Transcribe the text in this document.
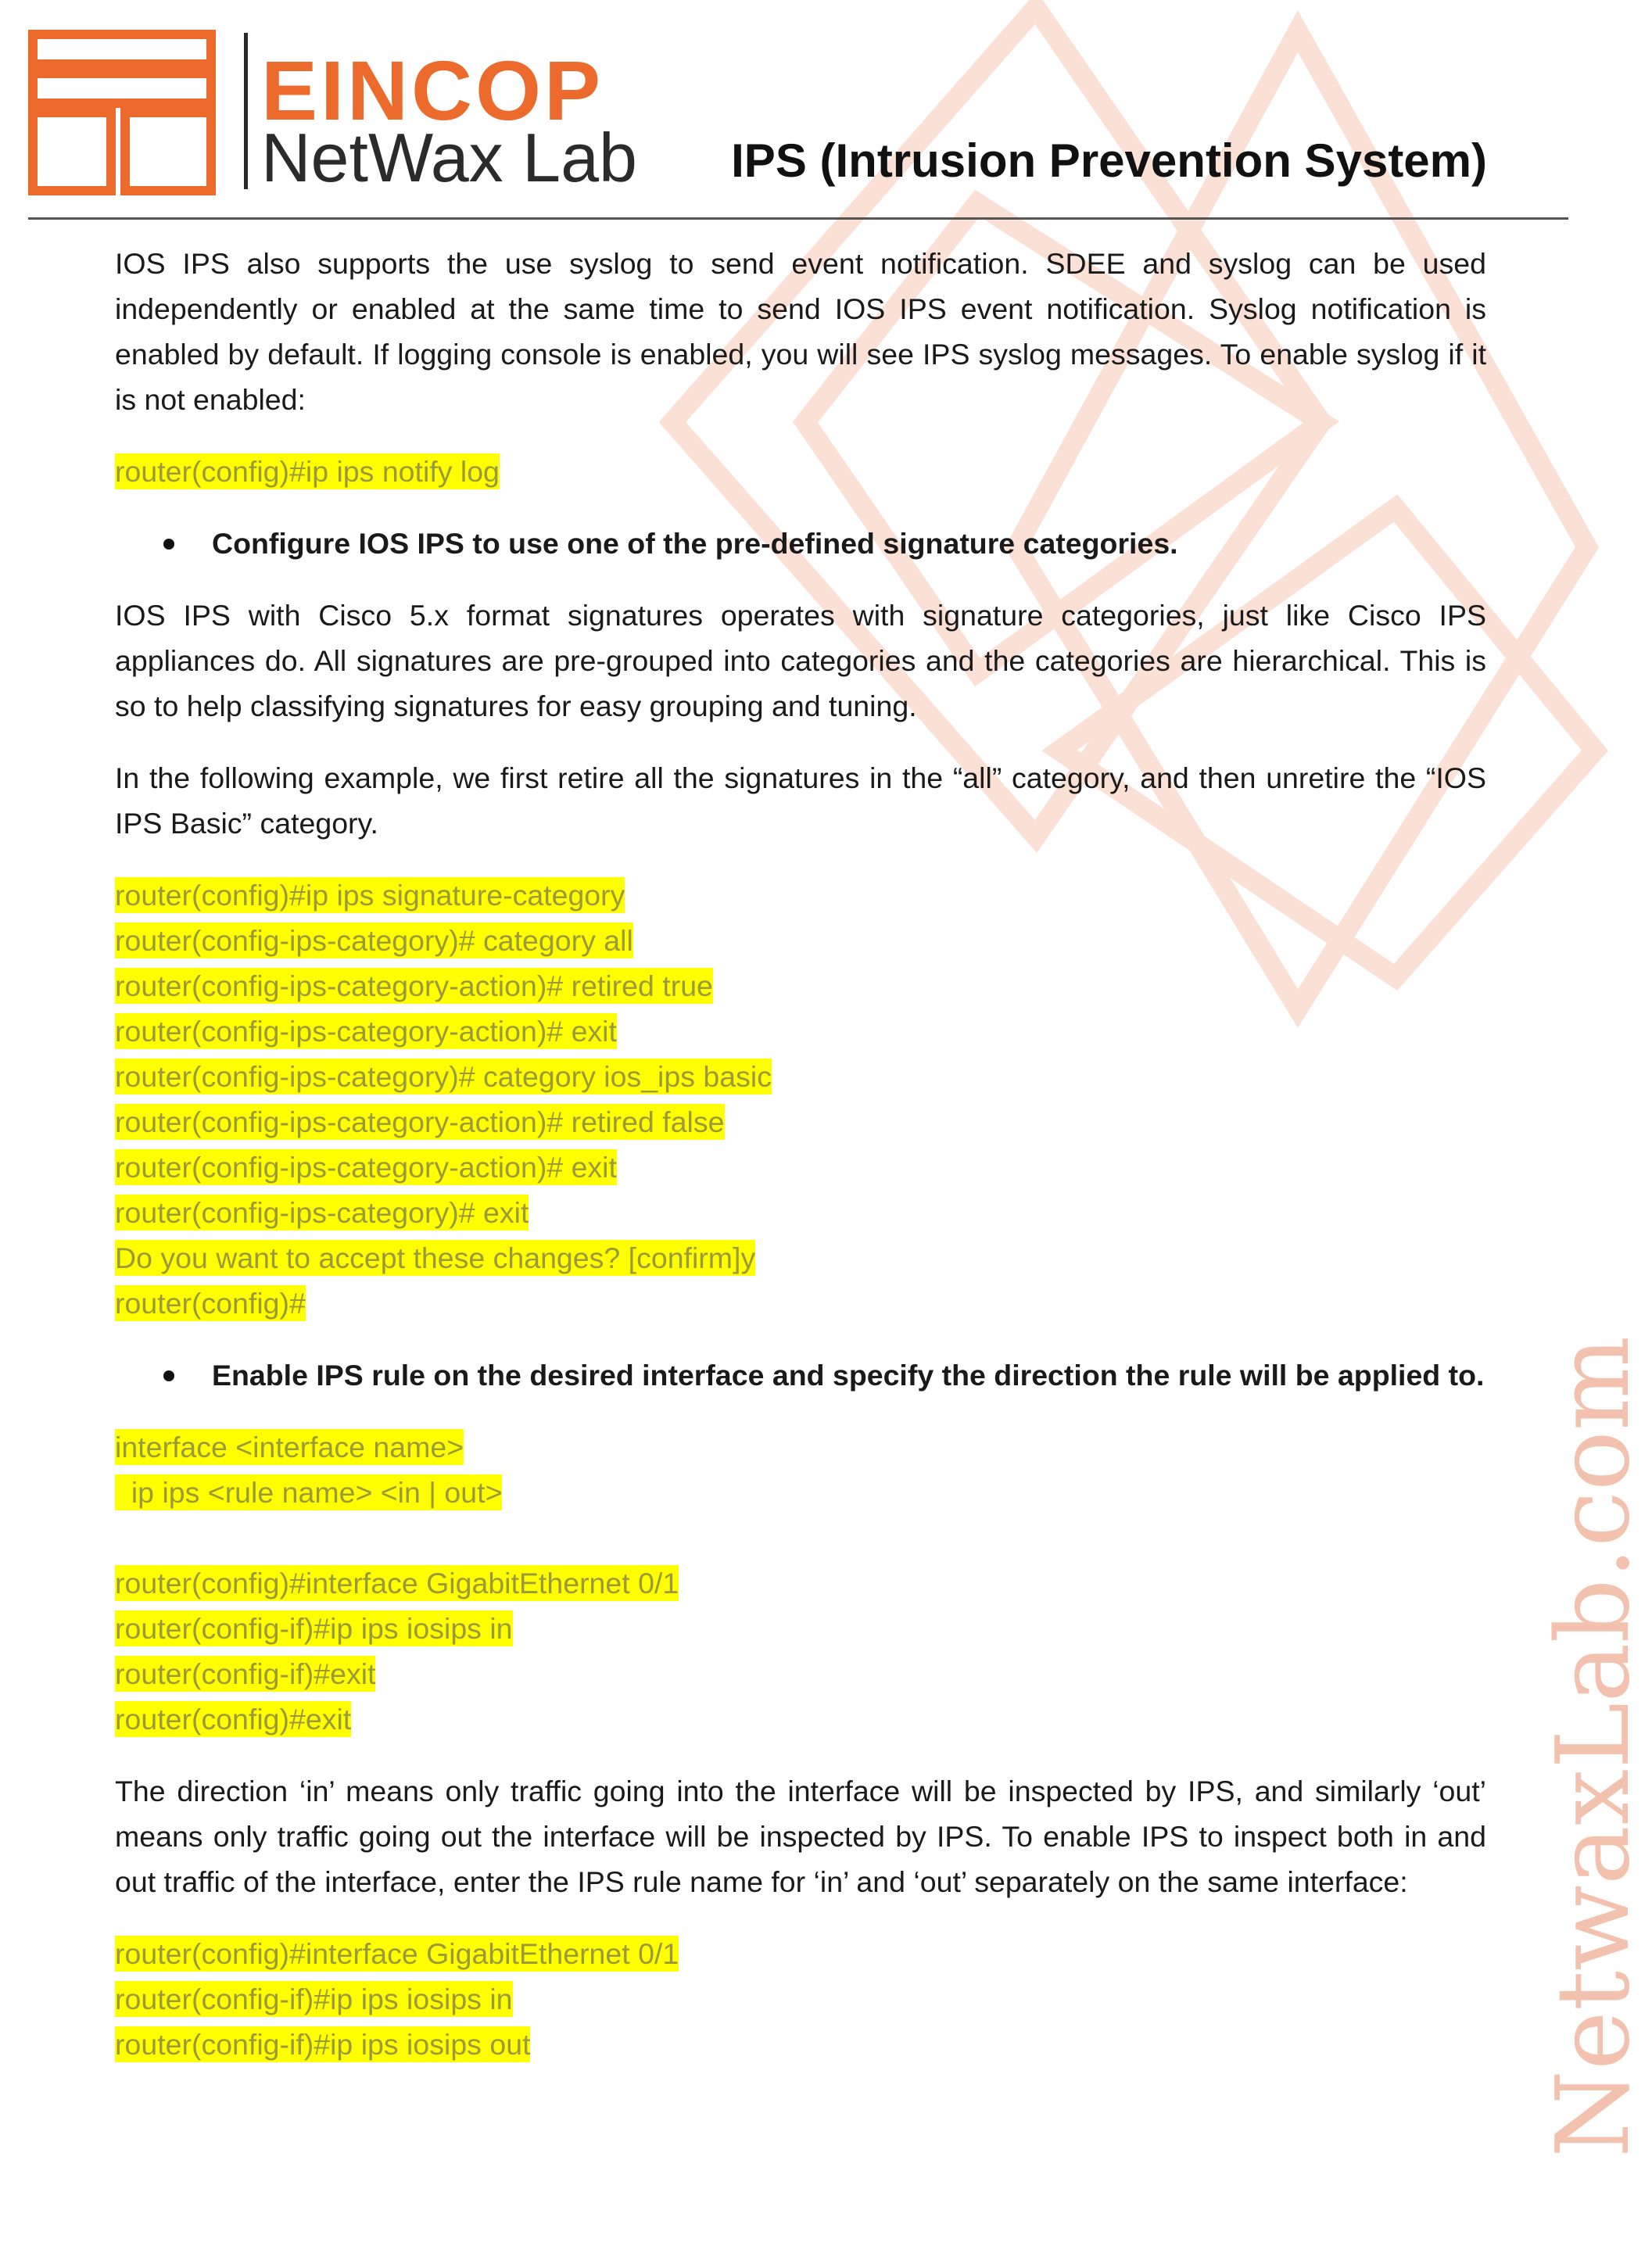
EINCOP
NetWax Lab IPS (Intrusion Prevention System)

IOS IPS also supports the use syslog to send event notification. SDEE and syslog can be used independently or enabled at the same time to send IOS IPS event notification. Syslog notification is enabled by default. If logging console is enabled, you will see IPS syslog messages. To enable syslog if it is not enabled:

router(config)#ip ips notify log
Configure IOS IPS to use one of the pre-defined signature categories.

IOS IPS with Cisco 5.x format signatures operates with signature categories, just like Cisco IPS appliances do. All signatures are pre-grouped into categories and the categories are hierarchical. This is so to help classifying signatures for easy grouping and tuning.

In the following example, we first retire all the signatures in the “all” category, and then unretire the “IOS IPS Basic” category.

router(config)#ip ips signature-category
router(config-ips-category)# category all
router(config-ips-category-action)# retired true
router(config-ips-category-action)# exit
router(config-ips-category)# category ios_ips basic
router(config-ips-category-action)# retired false
router(config-ips-category-action)# exit
router(config-ips-category)# exit
Do you want to accept these changes? [confirm]y
router(config)#
Enable IPS rule on the desired interface and specify the direction the rule will be applied to.
interface <interface name>
ip ips <rule name> <in | out>
router(config)#interface GigabitEthernet 0/1
router(config-if)#ip ips iosips in
router(config-if)#exit
router(config)#exit

The direction ‘in’ means only traffic going into the interface will be inspected by IPS, and similarly ‘out’ means only traffic going out the interface will be inspected by IPS. To enable IPS to inspect both in and out traffic of the interface, enter the IPS rule name for ‘in’ and ‘out’ separately on the same interface:

router(config)#interface GigabitEthernet 0/1
router(config-if)#ip ips iosips in
router(config-if)#ip ips iosips out	NetwaxLab.com
